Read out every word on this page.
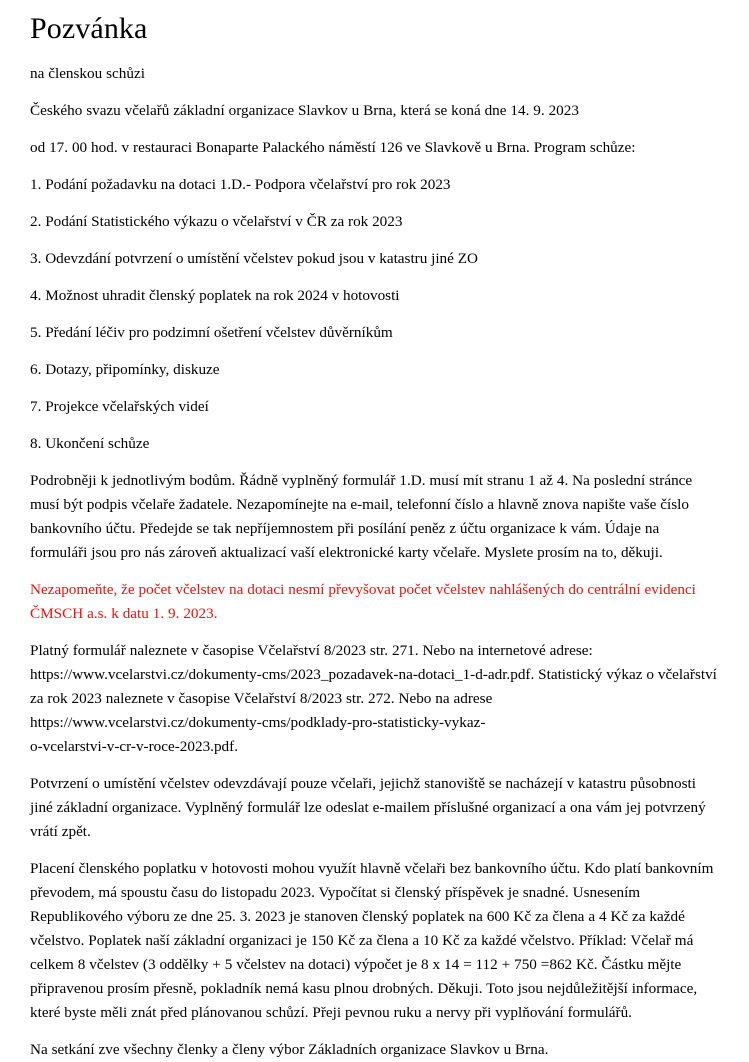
Pozvánka

na členskou schůzi

Českého svazu včelařů základní organizace Slavkov u Brna, která se koná dne 14. 9. 2023

od 17. 00 hod. v restauraci Bonaparte Palackého náměstí 126 ve Slavkově u Brna. Program schůze:

1. Podání požadavku na dotaci 1.D.- Podpora včelařství pro rok 2023

2. Podání Statistického výkazu o včelařství v ČR za rok 2023

3. Odevzdání potvrzení o umístění včelstev pokud jsou v katastru jiné ZO

4. Možnost uhradit členský poplatek na rok 2024 v hotovosti

5. Předání léčiv pro podzimní ošetření včelstev důvěrníkům

6. Dotazy, připomínky, diskuze

7. Projekce včelařských videí

8. Ukončení schůze

Podrobněji k jednotlivým bodům. Řádně vyplněný formulář 1.D. musí mít stranu 1 až 4. Na poslední stránce musí být podpis včelaře žadatele. Nezapomínejte na e-mail, telefonní číslo a hlavně znova napište vaše číslo bankovního účtu. Předejde se tak nepříjemnostem při posílání peněz z účtu organizace k vám. Údaje na formuláři jsou pro nás zároveň aktualizací vaší elektronické karty včelaře. Myslete prosím na to, děkuji.

Nezapomeňte, že počet včelstev na dotaci nesmí převyšovat počet včelstev nahlášených do centrální evidenci ČMSCH a.s. k datu 1. 9. 2023.

Platný formulář naleznete v časopise Včelařství 8/2023 str. 271. Nebo na internetové adrese: https://www.vcelarstvi.cz/dokumenty-cms/2023_pozadavek-na-dotaci_1-d-adr.pdf. Statistický výkaz o včelařství za rok 2023 naleznete v časopise Včelařství 8/2023 str. 272. Nebo na adrese
https://www.vcelarstvi.cz/dokumenty-cms/podklady-pro-statisticky-vykaz-
o-vcelarstvi-v-cr-v-roce-2023.pdf.

Potvrzení o umístění včelstev odevzdávají pouze včelaři, jejichž stanoviště se nacházejí v katastru působnosti jiné základní organizace. Vyplněný formulář lze odeslat e-mailem příslušné organizací a ona vám jej potvrzený vrátí zpět.

Placení členského poplatku v hotovosti mohou využít hlavně včelaři bez bankovního účtu. Kdo platí bankovním převodem, má spoustu času do listopadu 2023. Vypočítat si členský příspěvek je snadné. Usnesením Republikového výboru ze dne 25. 3. 2023 je stanoven členský poplatek na 600 Kč za člena a 4 Kč za každé včelstvo. Poplatek naší základní organizaci je 150 Kč za člena a 10 Kč za každé včelstvo. Příklad: Včelař má celkem 8 včelstev (3 oddělky + 5 včelstev na dotaci) výpočet je 8 x 14 = 112 + 750 =862 Kč. Částku mějte připravenou prosím přesně, pokladník nemá kasu plnou drobných. Děkuji. Toto jsou nejdůležitější informace, které byste měli znát před plánovanou schůzí. Přeji pevnou ruku a nervy při vyplňování formulářů.

Na setkání zve všechny členky a členy výbor Základních organizace Slavkov u Brna.
